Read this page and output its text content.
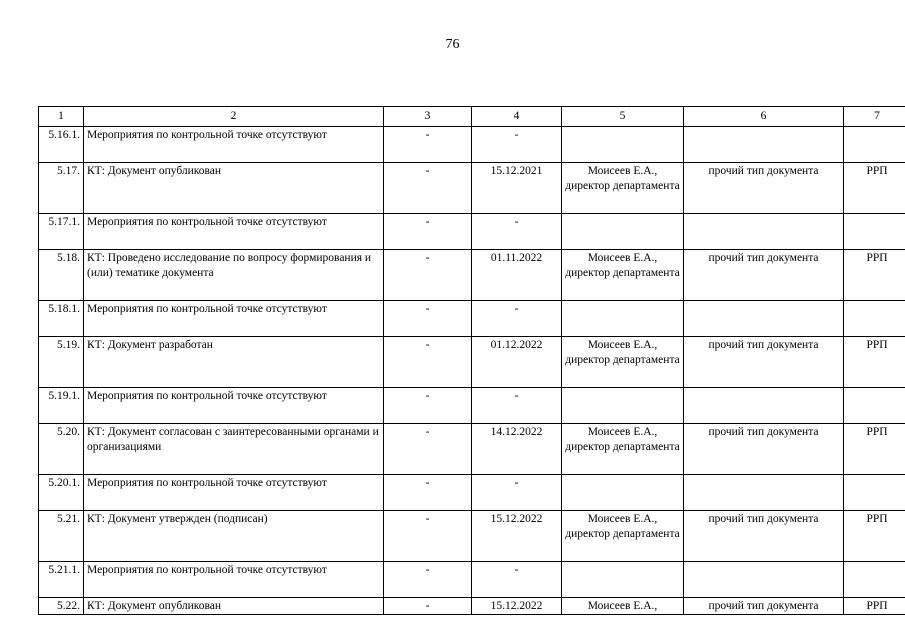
76
1	2	3	4	5	6	7
5.16.1.	Мероприятия по контрольной точке отсутствуют	-	-			
5.17.	КТ: Документ опубликован	-	15.12.2021	Моисеев Е.А., директор департамента	прочий тип документа	РРП
5.17.1.	Мероприятия по контрольной точке отсутствуют	-	-			
5.18.	КТ: Проведено исследование по вопросу формирования и (или) тематике документа	-	01.11.2022	Моисеев Е.А., директор департамента	прочий тип документа	РРП
5.18.1.	Мероприятия по контрольной точке отсутствуют	-	-			
5.19.	КТ: Документ разработан	-	01.12.2022	Моисеев Е.А., директор департамента	прочий тип документа	РРП
5.19.1.	Мероприятия по контрольной точке отсутствуют	-	-			
5.20.	КТ: Документ согласован с заинтересованными органами и организациями	-	14.12.2022	Моисеев Е.А., директор департамента	прочий тип документа	РРП
5.20.1.	Мероприятия по контрольной точке отсутствуют	-	-			
5.21.	КТ: Документ утвержден (подписан)	-	15.12.2022	Моисеев Е.А., директор департамента	прочий тип документа	РРП
5.21.1.	Мероприятия по контрольной точке отсутствуют	-	-			
5.22.	КТ: Документ опубликован	-	15.12.2022	Моисеев Е.А.,	прочий тип документа	РРП
